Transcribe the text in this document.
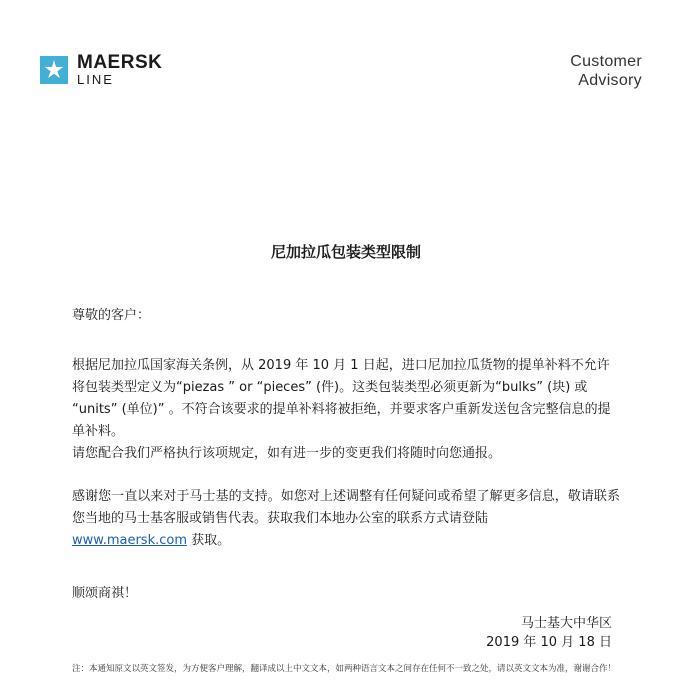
MAERSK
LINE
Customer
Advisory
尼加拉瓜包装类型限制
尊敬的客户：
根据尼加拉瓜国家海关条例，从 2019 年 10 月 1 日起，进口尼加拉瓜货物的提单补料不允许将包装类型定义为“piezas ” or “pieces” (件)。这类包装类型必须更新为“bulks” (块) 或 “units” (单位)” 。不符合该要求的提单补料将被拒绝，并要求客户重新发送包含完整信息的提单补料。
请您配合我们严格执行该项规定，如有进一步的变更我们将随时向您通报。
感谢您一直以来对于马士基的支持。如您对上述调整有任何疑问或希望了解更多信息，敬请联系您当地的马士基客服或销售代表。获取我们本地办公室的联系方式请登陆
www.maersk.com 获取。
顺颂商祺！
马士基大中华区
2019 年 10 月 18 日
注：本通知原文以英文签发，为方便客户理解，翻译成以上中文文本，如两种语言文本之间存在任何不一致之处，请以英文文本为准，谢谢合作！
